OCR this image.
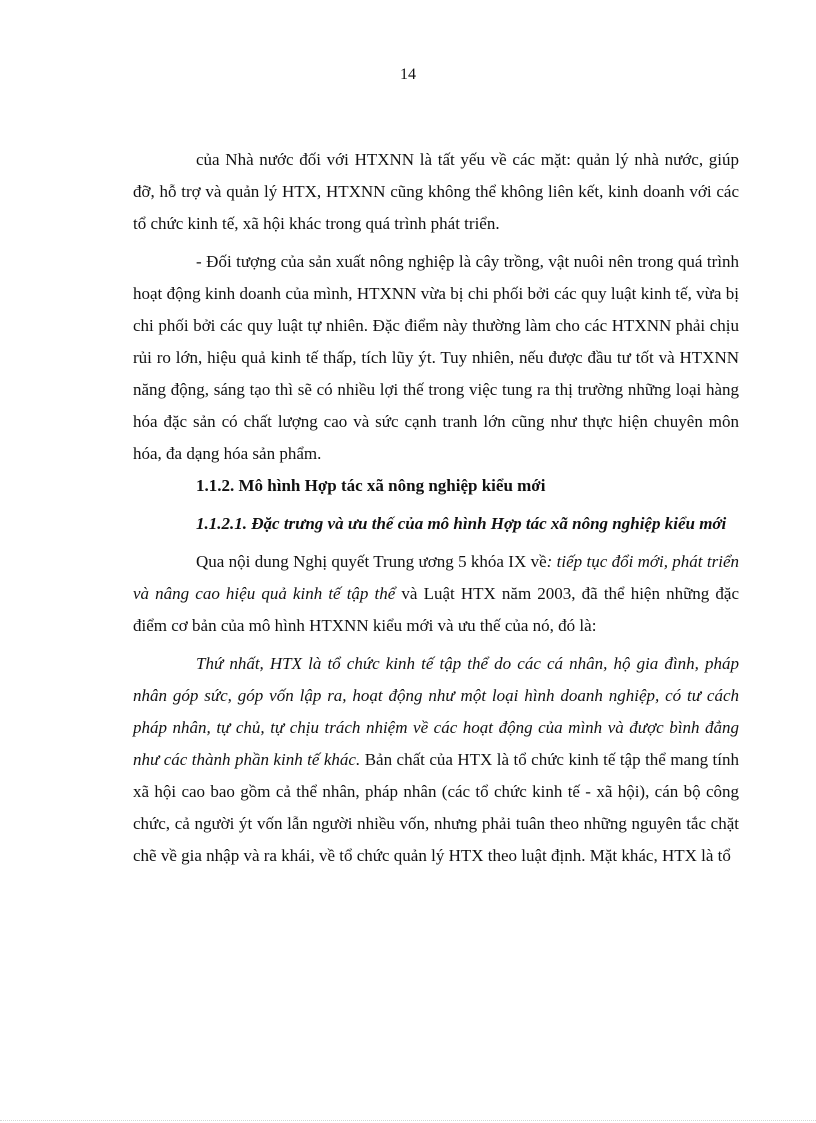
14

của Nhà nước đối với HTXNN là tất yếu về các mặt: quản lý nhà nước, giúp đỡ, hỗ trợ và quản lý HTX, HTXNN cũng không thể không liên kết, kinh doanh với các tổ chức kinh tế, xã hội khác trong quá trình phát triển.

- Đối tượng của sản xuất nông nghiệp là cây trồng, vật nuôi nên trong quá trình hoạt động kinh doanh của mình, HTXNN vừa bị chi phối bởi các quy luật kinh tế, vừa bị chi phối bởi các quy luật tự nhiên. Đặc điểm này thường làm cho các HTXNN phải chịu rủi ro lớn, hiệu quả kinh tế thấp, tích lũy ýt. Tuy nhiên, nếu được đầu tư tốt và HTXNN năng động, sáng tạo thì sẽ có nhiều lợi thế trong việc tung ra thị trường những loại hàng hóa đặc sản có chất lượng cao và sức cạnh tranh lớn cũng như thực hiện chuyên môn hóa, đa dạng hóa sản phẩm.

1.1.2. Mô hình Hợp tác xã nông nghiệp kiểu mới

1.1.2.1. Đặc trưng và ưu thế của mô hình Hợp tác xã nông nghiệp kiểu mới

Qua nội dung Nghị quyết Trung ương 5 khóa IX về: tiếp tục đổi mới, phát triển và nâng cao hiệu quả kinh tế tập thể và Luật HTX năm 2003, đã thể hiện những đặc điểm cơ bản của mô hình HTXNN kiểu mới và ưu thế của nó, đó là:

Thứ nhất, HTX là tổ chức kinh tế tập thể do các cá nhân, hộ gia đình, pháp nhân góp sức, góp vốn lập ra, hoạt động như một loại hình doanh nghiệp, có tư cách pháp nhân, tự chủ, tự chịu trách nhiệm về các hoạt động của mình và được bình đẳng như các thành phần kinh tế khác. Bản chất của HTX là tổ chức kinh tế tập thể mang tính xã hội cao bao gồm cả thể nhân, pháp nhân (các tổ chức kinh tế - xã hội), cán bộ công chức, cả người ýt vốn lẫn người nhiều vốn, nhưng phải tuân theo những nguyên tắc chặt chẽ về gia nhập và ra khái, về tổ chức quản lý HTX theo luật định. Mặt khác, HTX là tổ
